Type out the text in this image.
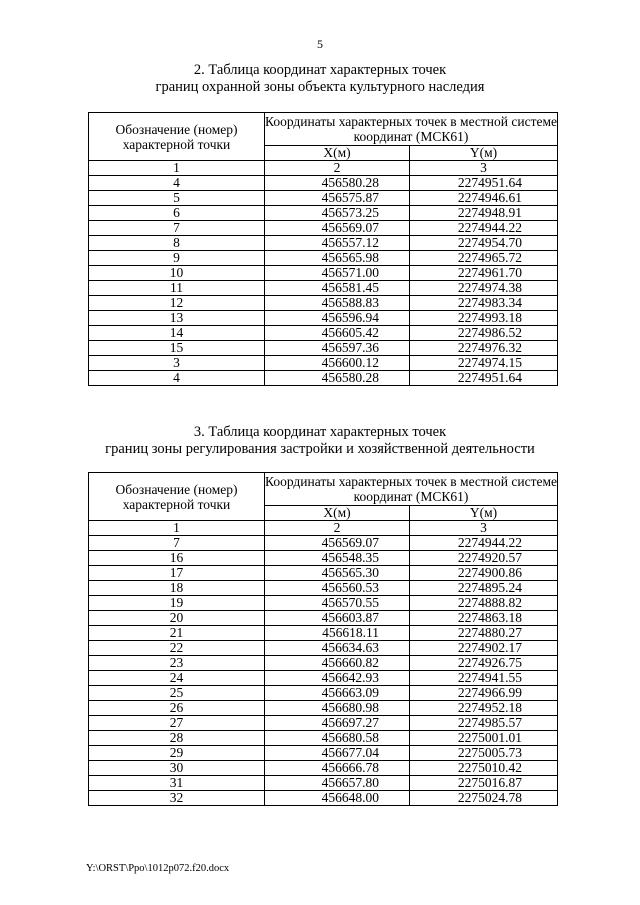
5
2. Таблица координат характерных точек
границ охранной зоны объекта культурного наследия
Обозначение (номер) характерной точки	Координаты характерных точек в местной системе координат (МСК61)	
	X(м)	Y(м)
1	2	3
4	456580.28	2274951.64
5	456575.87	2274946.61
6	456573.25	2274948.91
7	456569.07	2274944.22
8	456557.12	2274954.70
9	456565.98	2274965.72
10	456571.00	2274961.70
11	456581.45	2274974.38
12	456588.83	2274983.34
13	456596.94	2274993.18
14	456605.42	2274986.52
15	456597.36	2274976.32
3	456600.12	2274974.15
4	456580.28	2274951.64
3. Таблица координат характерных точек
границ зоны регулирования застройки и хозяйственной деятельности
Обозначение (номер) характерной точки	Координаты характерных точек в местной системе координат (МСК61)	
	X(м)	Y(м)
1	2	3
7	456569.07	2274944.22
16	456548.35	2274920.57
17	456565.30	2274900.86
18	456560.53	2274895.24
19	456570.55	2274888.82
20	456603.87	2274863.18
21	456618.11	2274880.27
22	456634.63	2274902.17
23	456660.82	2274926.75
24	456642.93	2274941.55
25	456663.09	2274966.99
26	456680.98	2274952.18
27	456697.27	2274985.57
28	456680.58	2275001.01
29	456677.04	2275005.73
30	456666.78	2275010.42
31	456657.80	2275016.87
32	456648.00	2275024.78
Y:\ORST\Ppo\1012p072.f20.docx
